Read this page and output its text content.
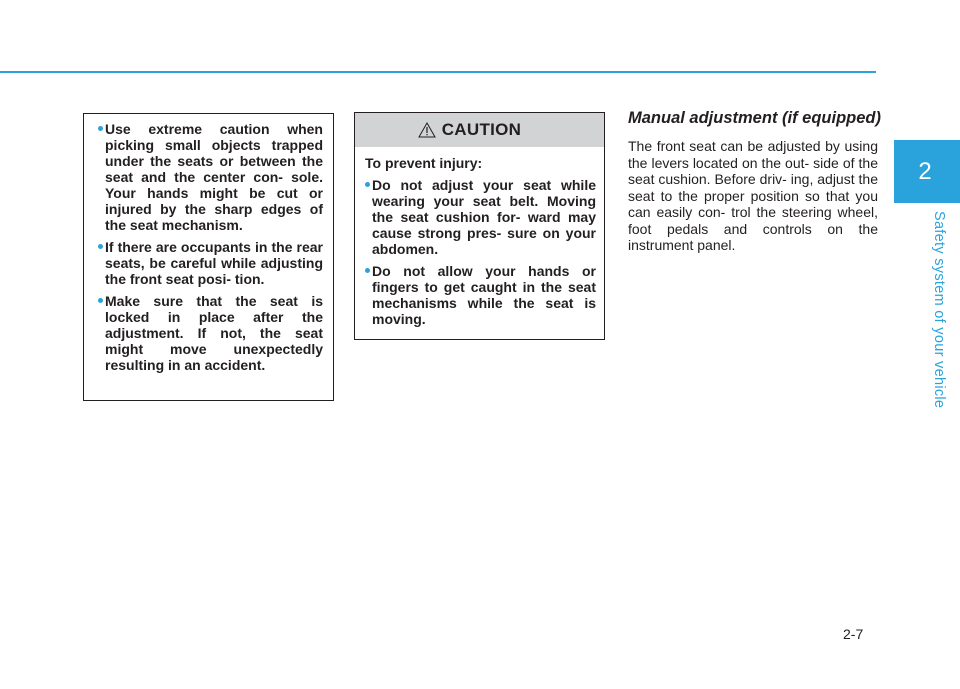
2
Safety system of your vehicle
Use extreme caution when picking small objects trapped under the seats or between the seat and the center con- sole. Your hands might be cut or injured by the sharp edges of the seat mechanism.
If there are occupants in the rear seats, be careful while adjusting the front seat posi- tion.
Make sure that the seat is locked in place after the adjustment. If not, the seat might move unexpectedly resulting in an accident.
CAUTION

To prevent injury:

Do not adjust your seat while wearing your seat belt. Moving the seat cushion for- ward may cause strong pres- sure on your abdomen.
Do not allow your hands or fingers to get caught in the seat mechanisms while the seat is moving.
Manual adjustment (if equipped)

The front seat can be adjusted by using the levers located on the out- side of the seat cushion. Before driv- ing, adjust the seat to the proper position so that you can easily con- trol the steering wheel, foot pedals and controls on the instrument panel.

2-7
